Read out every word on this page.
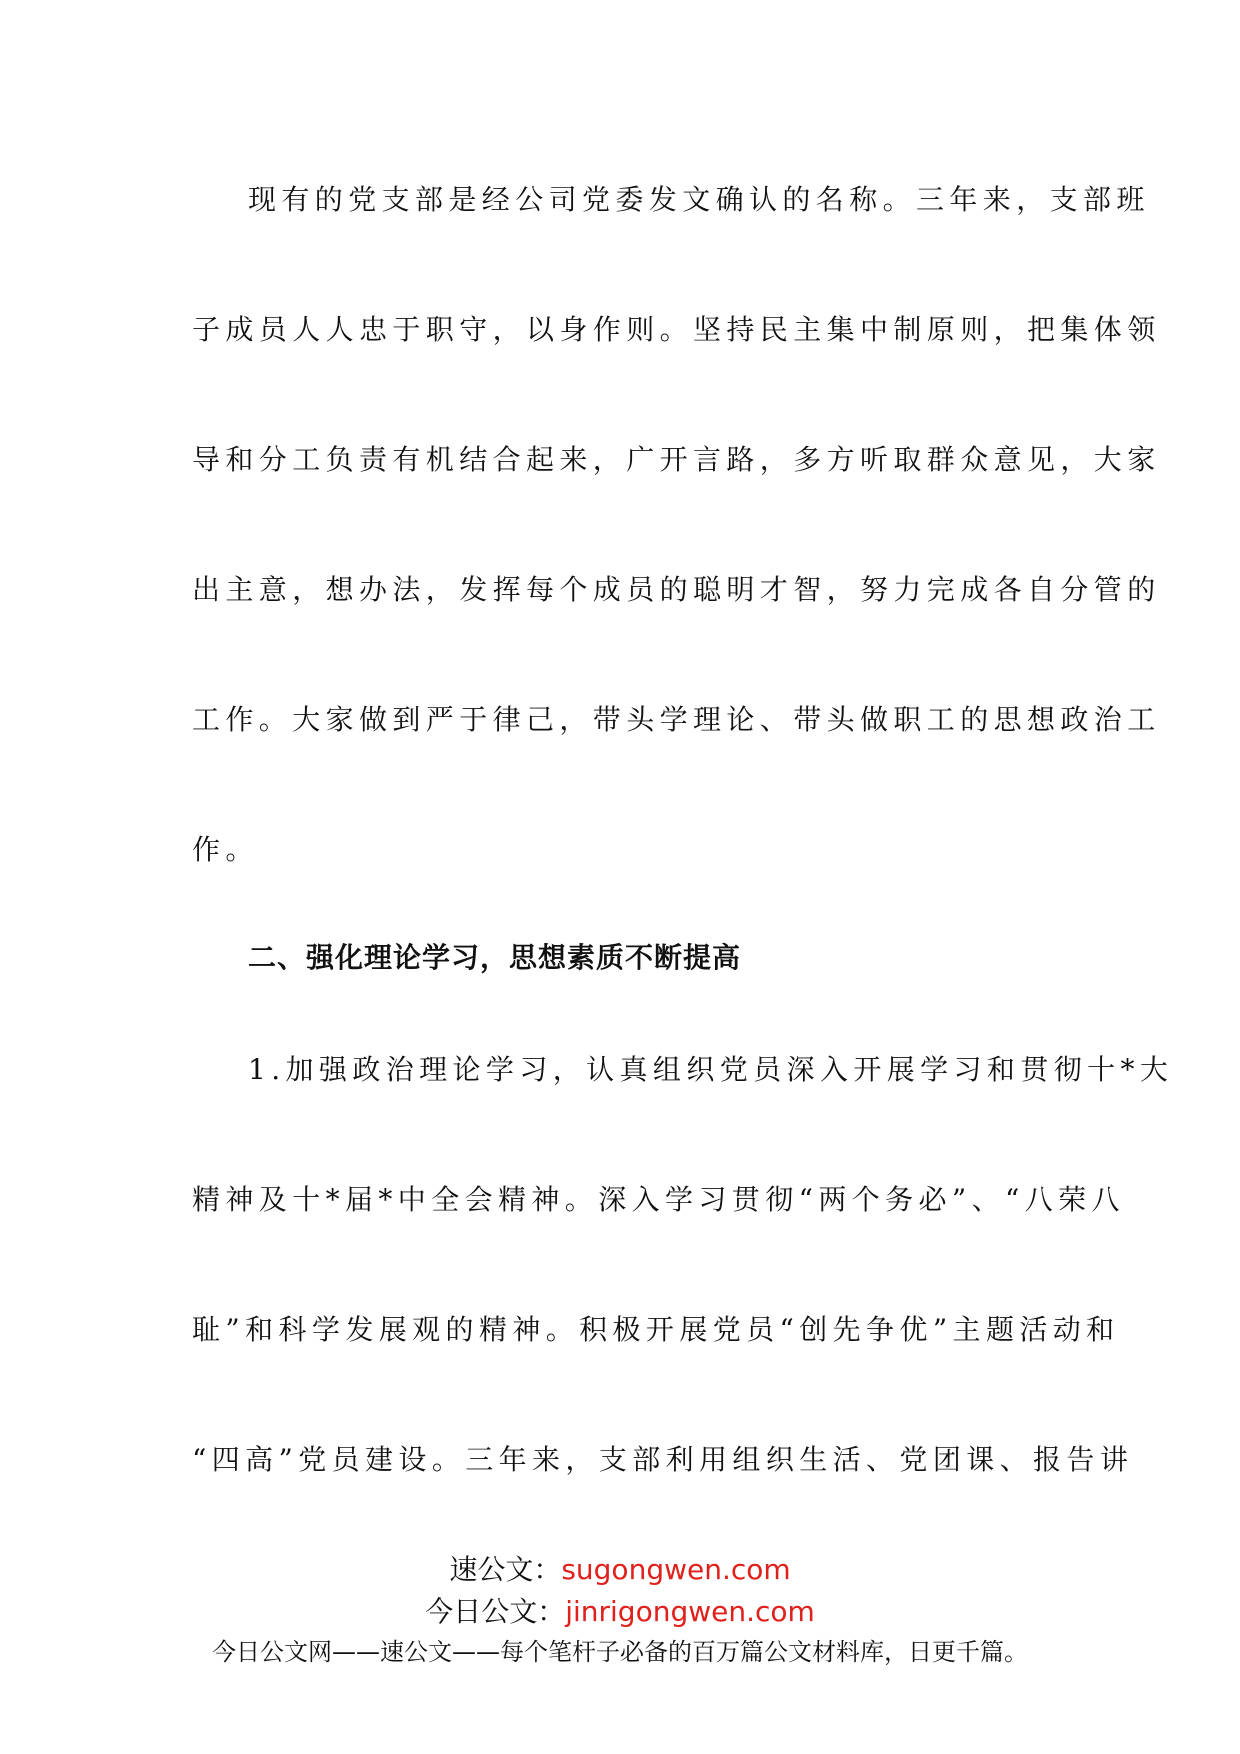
现有的党支部是经公司党委发文确认的名称。三年来，支部班
子成员人人忠于职守，以身作则。坚持民主集中制原则，把集体领
导和分工负责有机结合起来，广开言路，多方听取群众意见，大家
出主意，想办法，发挥每个成员的聪明才智，努力完成各自分管的
工作。大家做到严于律己，带头学理论、带头做职工的思想政治工
作。
二、强化理论学习，思想素质不断提高
1.加强政治理论学习，认真组织党员深入开展学习和贯彻十*大
精神及十*届*中全会精神。深入学习贯彻“两个务必”、“八荣八
耻”和科学发展观的精神。积极开展党员“创先争优”主题活动和
“四高”党员建设。三年来，支部利用组织生活、党团课、报告讲
速公文：sugongwen.com
今日公文：jinrigongwen.com
今日公文网——速公文——每个笔杆子必备的百万篇公文材料库，日更千篇。
